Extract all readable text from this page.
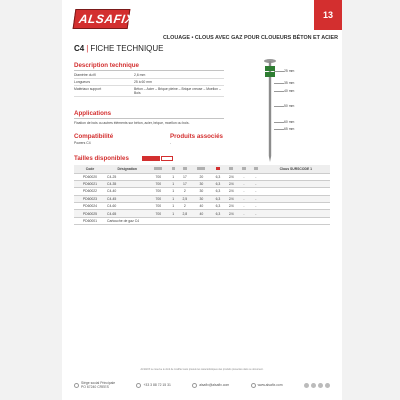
ALSAFIX	13
CLOUAGE • CLOUS AVEC GAZ POUR CLOUEURS BÉTON ET ACIER
C4 | FICHE TECHNIQUE
Description technique
Diamètre du fil	2,6 mm
Longueurs	25 à 60 mm
Matériaux support	Béton – Acier – Brique pleine – Brique creuse – Moellon – Bois
Applications
Fixation de bois ou autres éléments sur béton, acier, brique, moellon ou bois.
Compatibilité
Powers C4
Produits associés
-
25 mm
35 mm
40 mm
50 mm
60 mm
65 mm
Tailles disponibles
Code	Désignation									Clous SURSCODE 1
PD60020	C4-25	700	1	17	20	6,3	2/4	-	-	
PD60021	C4-35	700	1	17	30	6,3	2/4	-	-	
PD60022	C4-40	700	1	2	30	6,3	2/4	-	-	
PD60023	C4-45	700	1	2,5	30	6,3	2/4	-	-	
PD60024	C4-60	700	1	2	40	6,3	2/4	-	-	
PD60025	C4-65	700	1	2,8	40	6,3	2/4	-	-	
PD60001	Cartouche de gaz C4									
ALSAFIX se réserve le droit de modifier sans préavis les caractéristiques des produits présentés dans ce document.
Siège social Principale
PO 67240 CREES	+33 3 88 72 15 31	alsafix@alsafix.com	www.alsafix.com
